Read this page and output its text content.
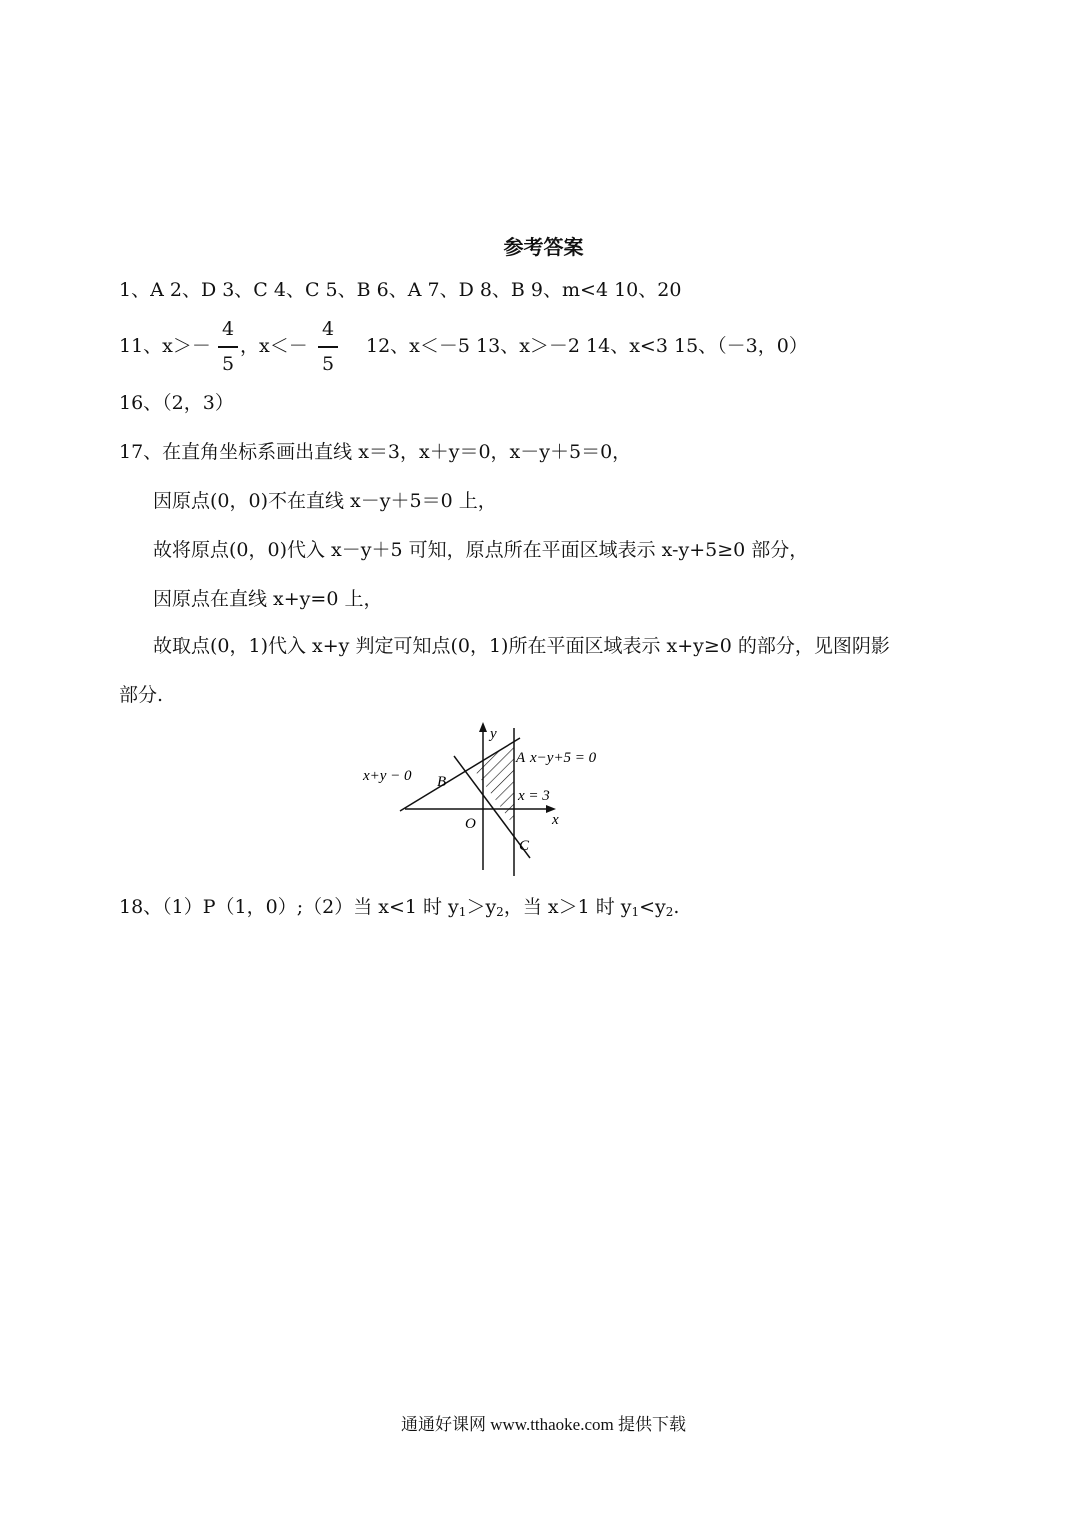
参考答案
1、A 2、D 3、C 4、C 5、B 6、A 7、D 8、B 9、m<4 10、20
11、x＞－
4
5
，x＜－
4
5
12、x＜－5 13、x＞－2 14、x<3 15、（－3，0）
16、（2，3）
17、在直角坐标系画出直线 x＝3，x＋y＝0，x－y＋5＝0，
因原点(0，0)不在直线 x－y＋5＝0 上，
故将原点(0，0)代入 x－y＋5 可知，原点所在平面区域表示 x-y+5≥0 部分，
因原点在直线 x+y=0 上，
故取点(0，1)代入 x+y 判定可知点(0，1)所在平面区域表示 x+y≥0 的部分，见图阴影
部分.
y
x
O
A
B
C
x−y+5 = 0
x+y − 0
x = 3
18、（1）P（1，0）;（2）当 x<1 时 $y_1>y_2$，当 x＞1 时 $y_1<y_2$.
通通好课网 www.tthaoke.com 提供下载
